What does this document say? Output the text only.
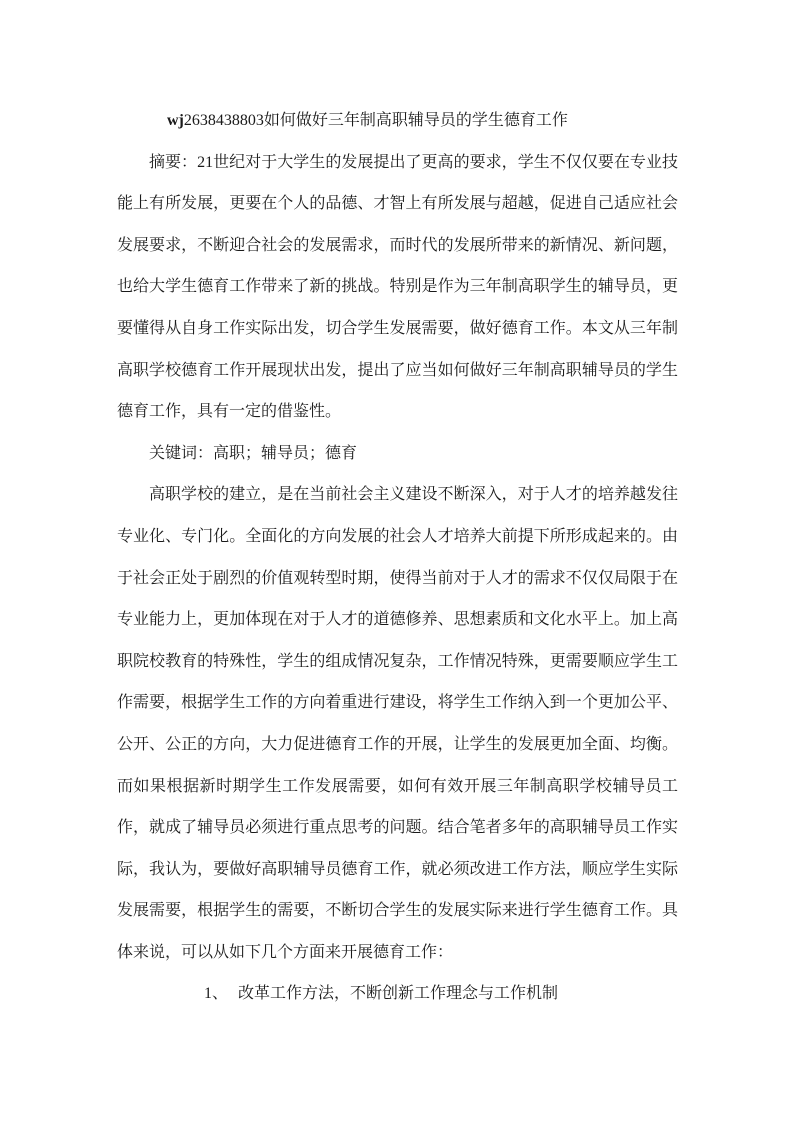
wj2638438803如何做好三年制高职辅导员的学生德育工作

摘要：21世纪对于大学生的发展提出了更高的要求，学生不仅仅要在专业技能上有所发展，更要在个人的品德、才智上有所发展与超越，促进自己适应社会发展要求，不断迎合社会的发展需求，而时代的发展所带来的新情况、新问题，也给大学生德育工作带来了新的挑战。特别是作为三年制高职学生的辅导员，更要懂得从自身工作实际出发，切合学生发展需要，做好德育工作。本文从三年制高职学校德育工作开展现状出发，提出了应当如何做好三年制高职辅导员的学生德育工作，具有一定的借鉴性。

关键词：高职；辅导员；德育

高职学校的建立，是在当前社会主义建设不断深入，对于人才的培养越发往专业化、专门化。全面化的方向发展的社会人才培养大前提下所形成起来的。由于社会正处于剧烈的价值观转型时期，使得当前对于人才的需求不仅仅局限于在专业能力上，更加体现在对于人才的道德修养、思想素质和文化水平上。加上高职院校教育的特殊性，学生的组成情况复杂，工作情况特殊，更需要顺应学生工作需要，根据学生工作的方向着重进行建设，将学生工作纳入到一个更加公平、公开、公正的方向，大力促进德育工作的开展，让学生的发展更加全面、均衡。而如果根据新时期学生工作发展需要，如何有效开展三年制高职学校辅导员工作，就成了辅导员必须进行重点思考的问题。结合笔者多年的高职辅导员工作实际，我认为，要做好高职辅导员德育工作，就必须改进工作方法，顺应学生实际发展需要，根据学生的需要，不断切合学生的发展实际来进行学生德育工作。具体来说，可以从如下几个方面来开展德育工作：

1、 改革工作方法，不断创新工作理念与工作机制
